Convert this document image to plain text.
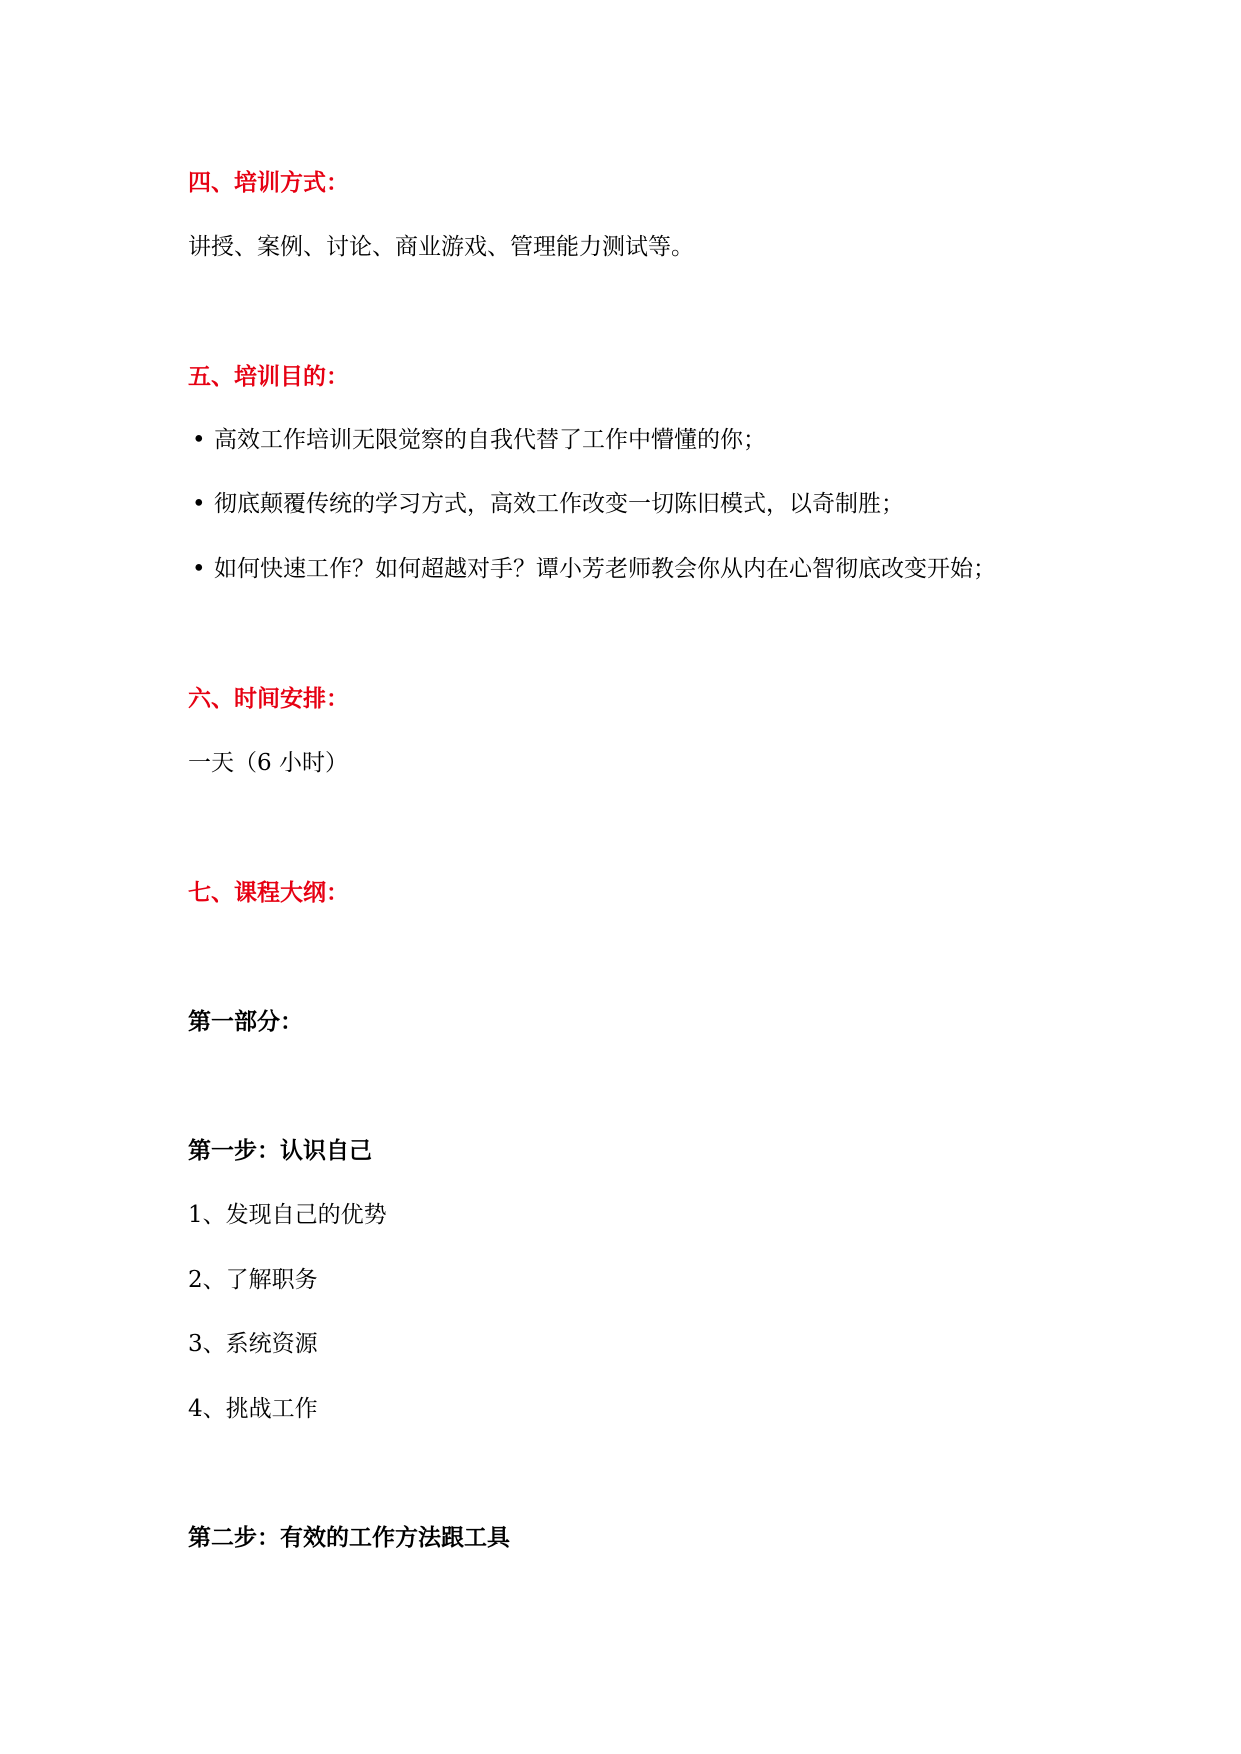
四、培训方式：
讲授、案例、讨论、商业游戏、管理能力测试等。
五、培训目的：
• 高效工作培训无限觉察的自我代替了工作中懵懂的你；
• 彻底颠覆传统的学习方式，高效工作改变一切陈旧模式，以奇制胜；
• 如何快速工作？如何超越对手？谭小芳老师教会你从内在心智彻底改变开始；
六、时间安排：
一天（6 小时）
七、课程大纲：
第一部分：
第一步：认识自己
1、发现自己的优势
2、了解职务
3、系统资源
4、挑战工作
第二步：有效的工作方法跟工具
